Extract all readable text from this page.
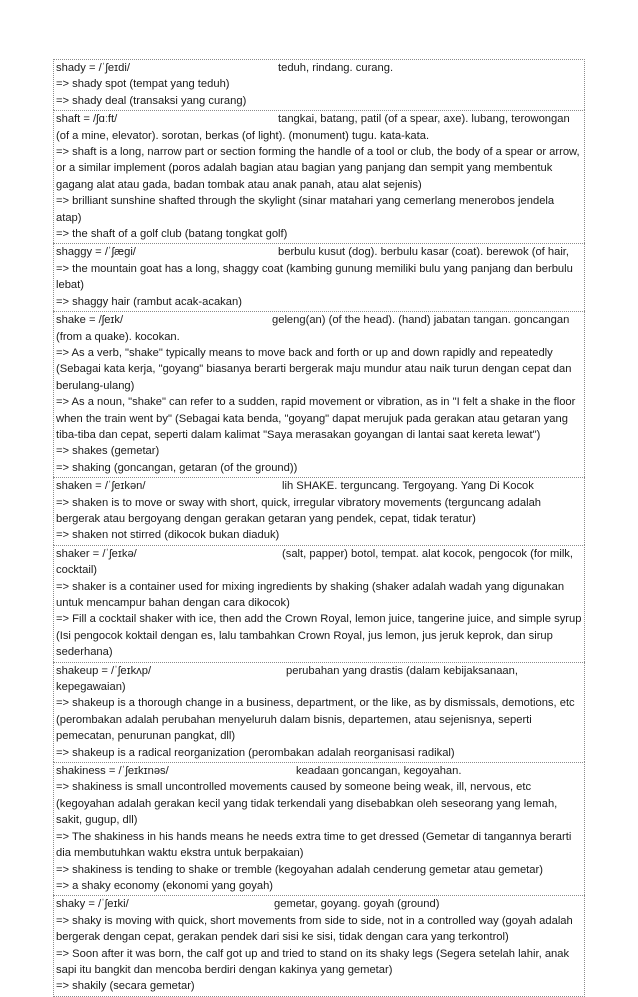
shady = /ˈʃeɪdi/	teduh, rindang. curang.
=> shady spot (tempat yang teduh)
=> shady deal (transaksi yang curang)
shaft = /ʃɑːft/	tangkai, batang, patil (of a spear, axe). lubang, terowongan (of a mine, elevator). sorotan, berkas (of light). (monument) tugu. kata-kata.
=> shaft is a long, narrow part or section forming the handle of a tool or club, the body of a spear or arrow, or a similar implement (poros adalah bagian atau bagian yang panjang dan sempit yang membentuk gagang alat atau gada, badan tombak atau anak panah, atau alat sejenis)
=> brilliant sunshine shafted through the skylight (sinar matahari yang cemerlang menerobos jendela atap)
=> the shaft of a golf club (batang tongkat golf)
shaggy = /ˈʃæɡi/	berbulu kusut (dog). berbulu kasar (coat). berewok (of hair,
=> the mountain goat has a long, shaggy coat (kambing gunung memiliki bulu yang panjang dan berbulu lebat)
=> shaggy hair (rambut acak-acakan)
shake = /ʃeɪk/	geleng(an) (of the head). (hand) jabatan tangan. goncangan (from a quake). kocokan.
=> As a verb, "shake" typically means to move back and forth or up and down rapidly and repeatedly (Sebagai kata kerja, "goyang" biasanya berarti bergerak maju mundur atau naik turun dengan cepat dan berulang-ulang)
=> As a noun, "shake" can refer to a sudden, rapid movement or vibration, as in "I felt a shake in the floor when the train went by" (Sebagai kata benda, "goyang" dapat merujuk pada gerakan atau getaran yang tiba-tiba dan cepat, seperti dalam kalimat "Saya merasakan goyangan di lantai saat kereta lewat")
=> shakes (gemetar)
=> shaking (goncangan, getaran (of the ground))
shaken = /ˈʃeɪkən/	lih SHAKE. terguncang. Tergoyang. Yang Di Kocok
=> shaken is to move or sway with short, quick, irregular vibratory movements (terguncang adalah bergerak atau bergoyang dengan gerakan getaran yang pendek, cepat, tidak teratur)
=> shaken not stirred (dikocok bukan diaduk)
shaker = /ˈʃeɪkə/	(salt, papper) botol, tempat. alat kocok, pengocok (for milk, cocktail)
=> shaker is a container used for mixing ingredients by shaking (shaker adalah wadah yang digunakan untuk mencampur bahan dengan cara dikocok)
=> Fill a cocktail shaker with ice, then add the Crown Royal, lemon juice, tangerine juice, and simple syrup (Isi pengocok koktail dengan es, lalu tambahkan Crown Royal, jus lemon, jus jeruk keprok, dan sirup sederhana)
shakeup = /ˈʃeɪkʌp/	perubahan yang drastis (dalam kebijaksanaan, kepegawaian)
=> shakeup is a thorough change in a business, department, or the like, as by dismissals, demotions, etc (perombakan adalah perubahan menyeluruh dalam bisnis, departemen, atau sejenisnya, seperti pemecatan, penurunan pangkat, dll)
=> shakeup is a radical reorganization (perombakan adalah reorganisasi radikal)
shakiness = /ˈʃeɪkɪnəs/	keadaan goncangan, kegoyahan.
=> shakiness is small uncontrolled movements caused by someone being weak, ill, nervous, etc (kegoyahan adalah gerakan kecil yang tidak terkendali yang disebabkan oleh seseorang yang lemah, sakit, gugup, dll)
=> The shakiness in his hands means he needs extra time to get dressed (Gemetar di tangannya berarti dia membutuhkan waktu ekstra untuk berpakaian)
=> shakiness is tending to shake or tremble (kegoyahan adalah cenderung gemetar atau gemetar)
=> a shaky economy (ekonomi yang goyah)
shaky = /ˈʃeɪki/	gemetar, goyang. goyah (ground)
=> shaky is moving with quick, short movements from side to side, not in a controlled way (goyah adalah bergerak dengan cepat, gerakan pendek dari sisi ke sisi, tidak dengan cara yang terkontrol)
=> Soon after it was born, the calf got up and tried to stand on its shaky legs (Segera setelah lahir, anak sapi itu bangkit dan mencoba berdiri dengan kakinya yang gemetar)
=> shakily (secara gemetar)
